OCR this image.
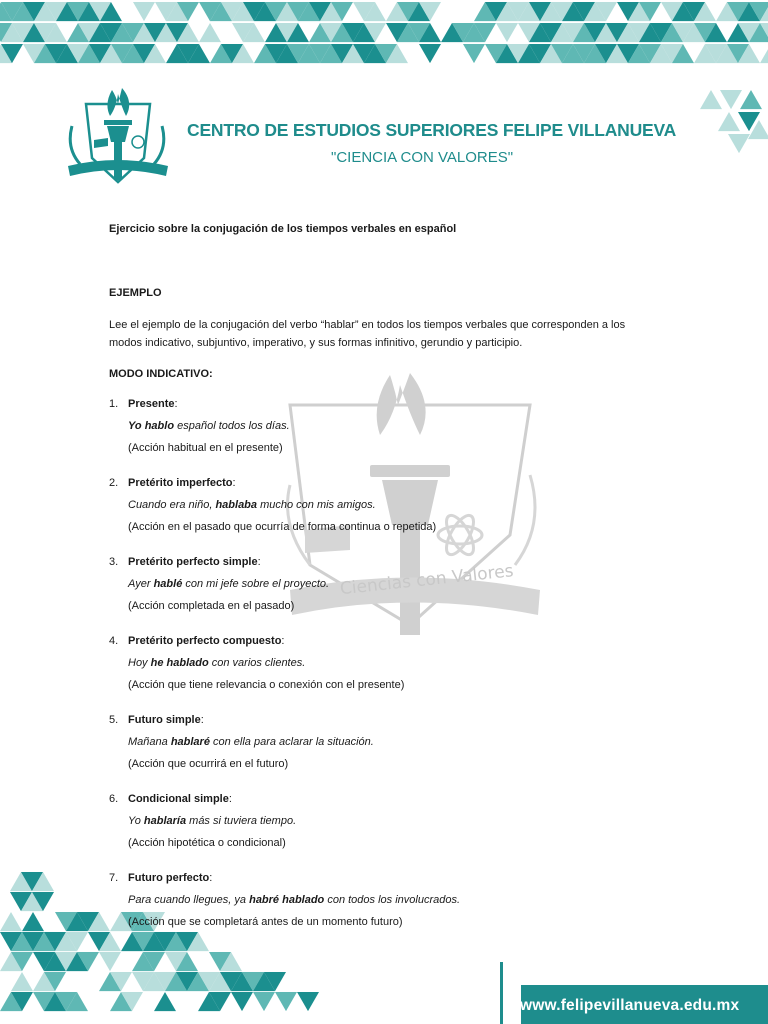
Ciencias con Valores
CENTRO DE ESTUDIOS SUPERIORES FELIPE VILLANUEVA
"CIENCIA CON VALORES"
Ejercicio sobre la conjugación de los tiempos verbales en español
EJEMPLO
Lee el ejemplo de la conjugación del verbo “hablar” en todos los tiempos verbales que corresponden a los modos indicativo, subjuntivo, imperativo, y sus formas infinitivo, gerundio y participio.
MODO INDICATIVO:
1. Presente:
Yo hablo español todos los días.
(Acción habitual en el presente)
2. Pretérito imperfecto:
Cuando era niño, hablaba mucho con mis amigos.
(Acción en el pasado que ocurría de forma continua o repetida)
3. Pretérito perfecto simple:
Ayer hablé con mi jefe sobre el proyecto.
(Acción completada en el pasado)
4. Pretérito perfecto compuesto:
Hoy he hablado con varios clientes.
(Acción que tiene relevancia o conexión con el presente)
5. Futuro simple:
Mañana hablaré con ella para aclarar la situación.
(Acción que ocurrirá en el futuro)
6. Condicional simple:
Yo hablaría más si tuviera tiempo.
(Acción hipotética o condicional)
7. Futuro perfecto:
Para cuando llegues, ya habré hablado con todos los involucrados.
(Acción que se completará antes de un momento futuro)
www.felipevillanueva.edu.mx
